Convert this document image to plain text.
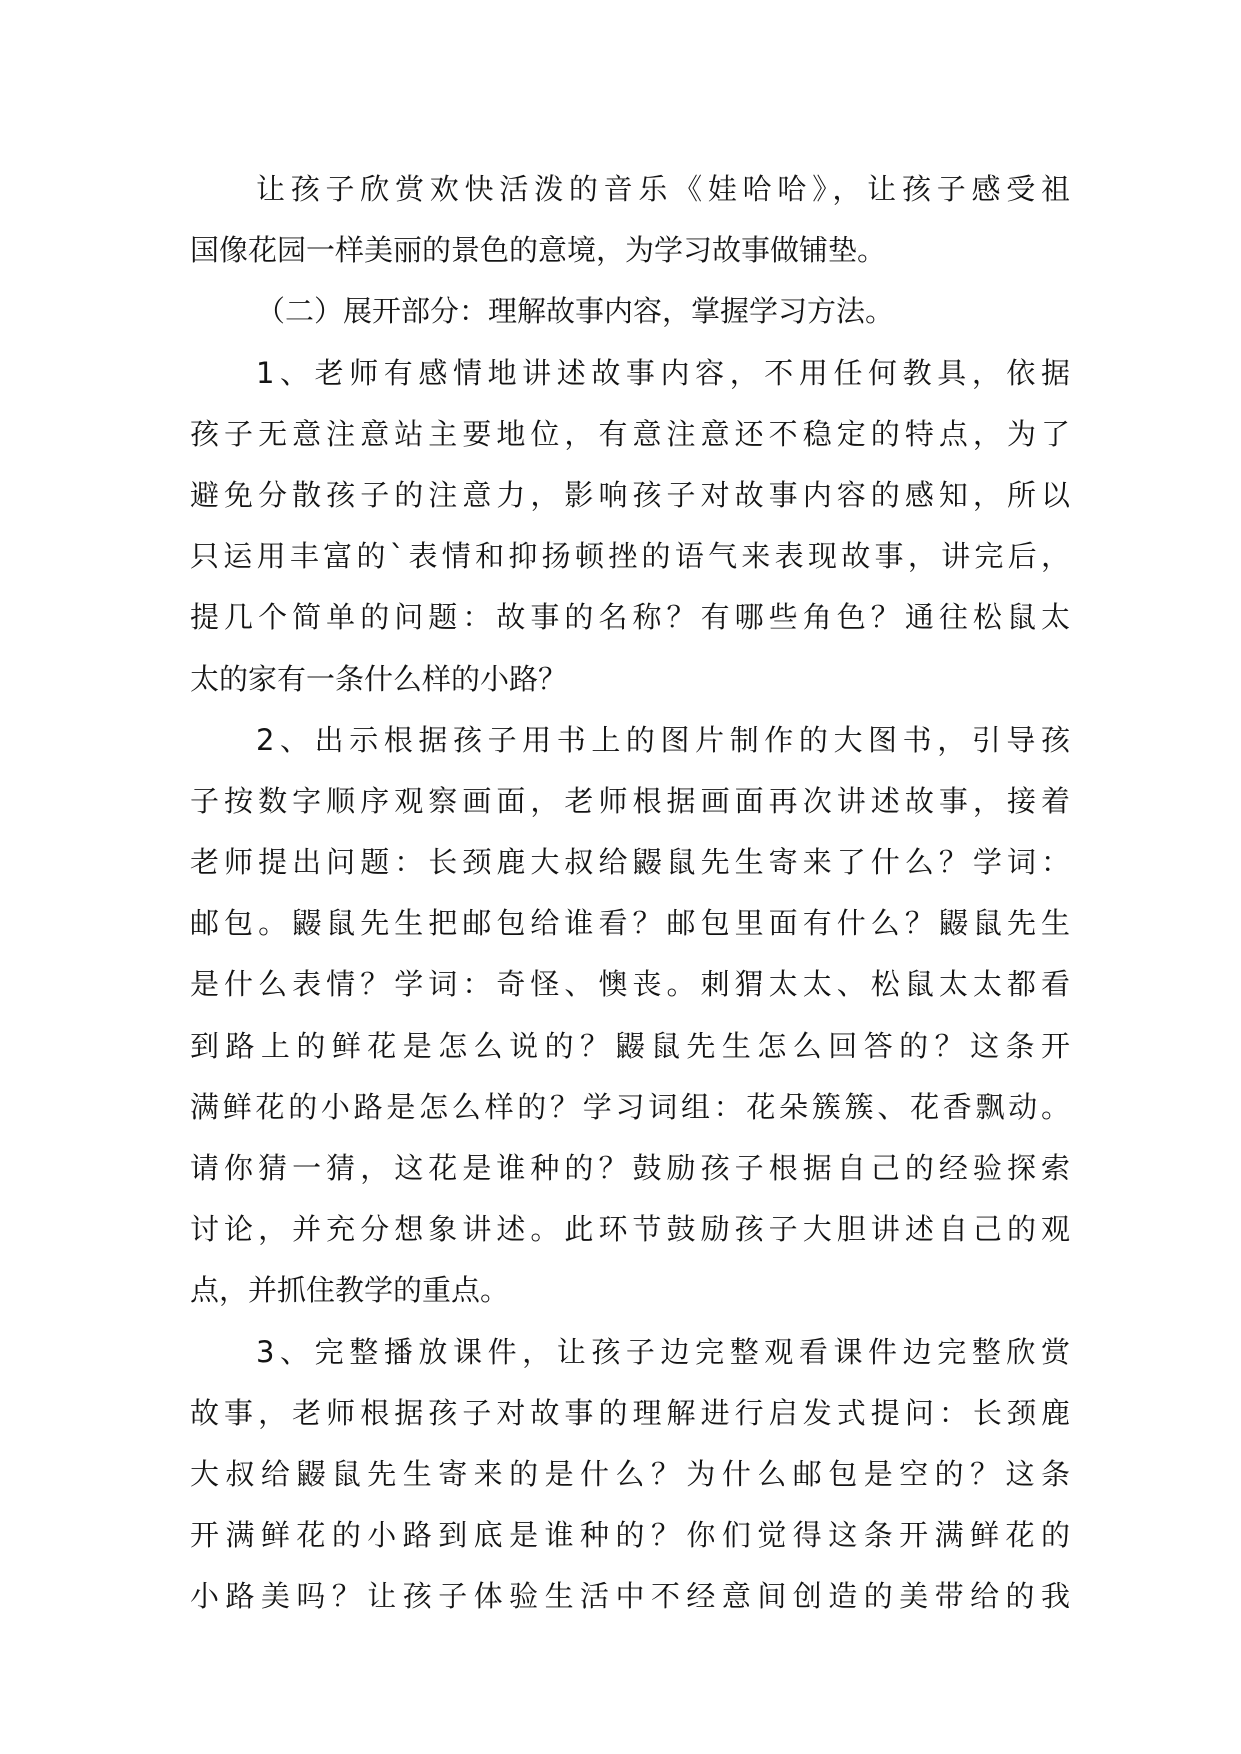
让孩子欣赏欢快活泼的音乐《娃哈哈》，让孩子感受祖
国像花园一样美丽的景色的意境，为学习故事做铺垫。
（二）展开部分：理解故事内容，掌握学习方法。
1、老师有感情地讲述故事内容，不用任何教具，依据
孩子无意注意站主要地位，有意注意还不稳定的特点，为了
避免分散孩子的注意力，影响孩子对故事内容的感知，所以
只运用丰富的`表情和抑扬顿挫的语气来表现故事，讲完后，
提几个简单的问题：故事的名称？有哪些角色？通往松鼠太
太的家有一条什么样的小路？
2、出示根据孩子用书上的图片制作的大图书，引导孩
子按数字顺序观察画面，老师根据画面再次讲述故事，接着
老师提出问题：长颈鹿大叔给鼹鼠先生寄来了什么？学词：
邮包。鼹鼠先生把邮包给谁看？邮包里面有什么？鼹鼠先生
是什么表情？学词：奇怪、懊丧。刺猬太太、松鼠太太都看
到路上的鲜花是怎么说的？鼹鼠先生怎么回答的？这条开
满鲜花的小路是怎么样的？学习词组：花朵簇簇、花香飘动。
请你猜一猜，这花是谁种的？鼓励孩子根据自己的经验探索
讨论，并充分想象讲述。此环节鼓励孩子大胆讲述自己的观
点，并抓住教学的重点。
3、完整播放课件，让孩子边完整观看课件边完整欣赏
故事，老师根据孩子对故事的理解进行启发式提问：长颈鹿
大叔给鼹鼠先生寄来的是什么？为什么邮包是空的？这条
开满鲜花的小路到底是谁种的？你们觉得这条开满鲜花的
小路美吗？让孩子体验生活中不经意间创造的美带给的我
